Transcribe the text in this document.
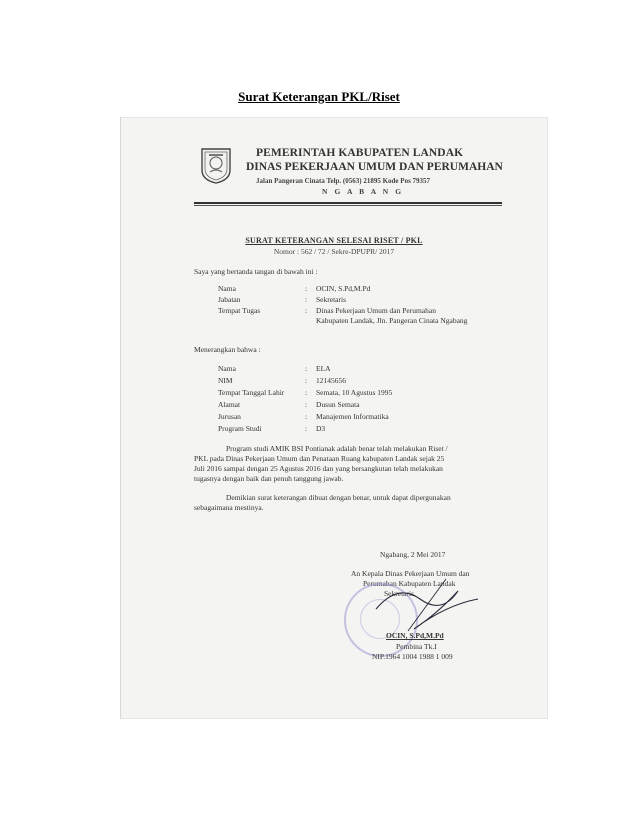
Surat Keterangan PKL/Riset
PEMERINTAH KABUPATEN LANDAK
DINAS PEKERJAAN UMUM DAN PERUMAHAN
Jalan Pangeran Cinata Telp. (0563) 21895 Kode Pos 79357
N G A B A N G
SURAT KETERANGAN SELESAI RISET / PKL
Nomor : 562 / 72 / Sekre-DPUPR/ 2017
Saya yang bertanda tangan di bawah ini :
Nama	: OCIN, S.Pd,M.Pd
Jabatan	: Sekretaris
Tempat Tugas	: Dinas Pekerjaan Umum dan Perumahan
Kabupaten Landak, Jln. Pangeran Cinata Ngabang
Menerangkan bahwa :
Nama	: ELA
NIM	: 12145656
Tempat Tanggal Lahir	: Semata, 10 Agustus 1995
Alamat	: Dusun Semata
Jurusan	: Manajemen Informatika
Program Studi	: D3
Program studi AMIK BSI Pontianak adalah benar telah melakukan Riset /
PKL pada Dinas Pekerjaan Umum dan Penataan Ruang kabupaten Landak sejak 25
Juli 2016 sampai dengan 25 Agustus 2016 dan yang bersangkutan telah melakukan
tugasnya dengan baik dan penuh tanggung jawab.
Demikian surat keterangan dibuat dengan benar, untuk dapat dipergunakan
sebagaimana mestinya.
Ngabang, 2 Mei 2017
An Kepala Dinas Pekerjaan Umum dan
Perumahan Kabupaten Landak
Sekretaris,
OCIN, S.Pd,M.Pd
Pembina Tk.I
NIP.1964 1004 1988 1 009
